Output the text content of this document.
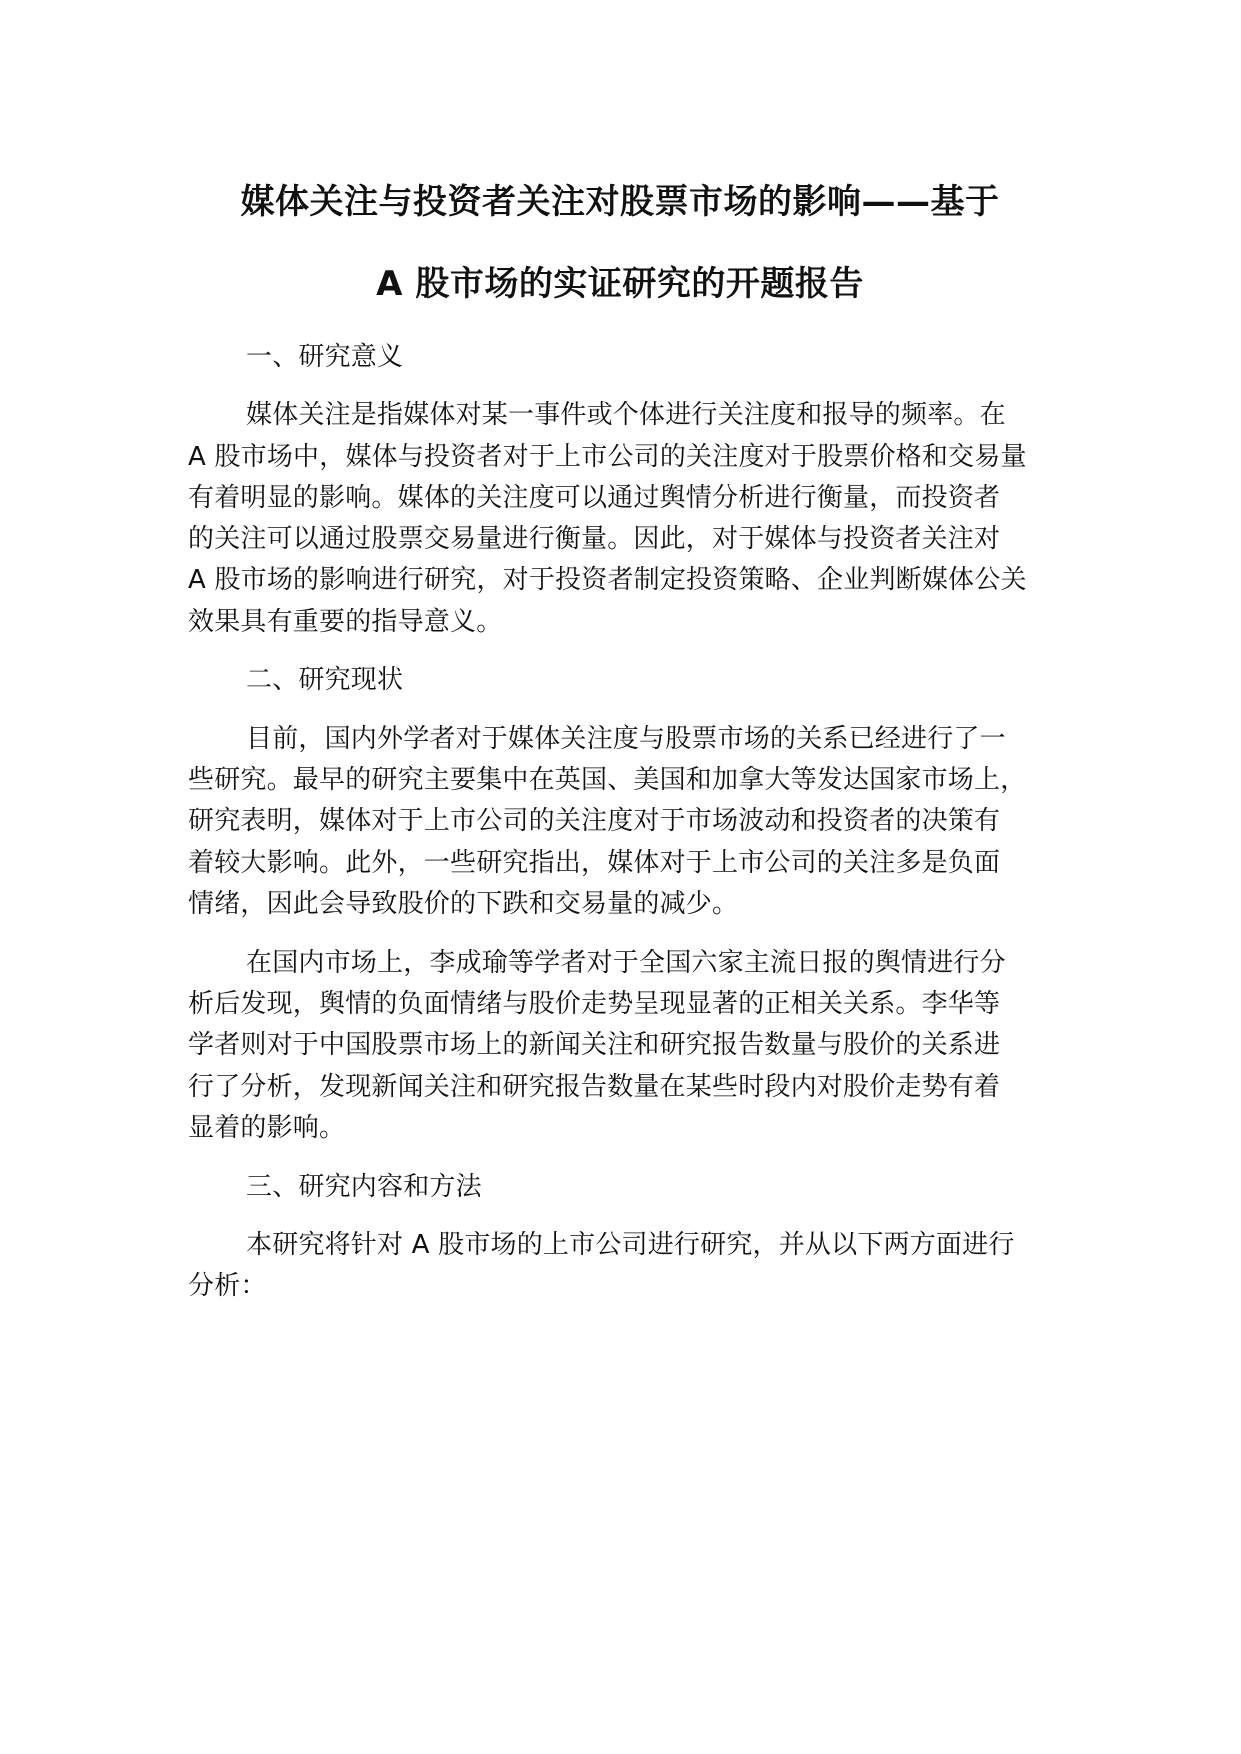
媒体关注与投资者关注对股票市场的影响——基于
A 股市场的实证研究的开题报告

一、研究意义

媒体关注是指媒体对某一事件或个体进行关注度和报导的频率。在

A 股市场中，媒体与投资者对于上市公司的关注度对于股票价格和交易量

有着明显的影响。媒体的关注度可以通过舆情分析进行衡量，而投资者

的关注可以通过股票交易量进行衡量。因此，对于媒体与投资者关注对

A 股市场的影响进行研究，对于投资者制定投资策略、企业判断媒体公关

效果具有重要的指导意义。

二、研究现状

目前，国内外学者对于媒体关注度与股票市场的关系已经进行了一

些研究。最早的研究主要集中在英国、美国和加拿大等发达国家市场上，

研究表明，媒体对于上市公司的关注度对于市场波动和投资者的决策有

着较大影响。此外，一些研究指出，媒体对于上市公司的关注多是负面

情绪，因此会导致股价的下跌和交易量的减少。

在国内市场上，李成瑜等学者对于全国六家主流日报的舆情进行分

析后发现，舆情的负面情绪与股价走势呈现显著的正相关关系。李华等

学者则对于中国股票市场上的新闻关注和研究报告数量与股价的关系进

行了分析，发现新闻关注和研究报告数量在某些时段内对股价走势有着

显着的影响。

三、研究内容和方法

本研究将针对 A 股市场的上市公司进行研究，并从以下两方面进行

分析：
